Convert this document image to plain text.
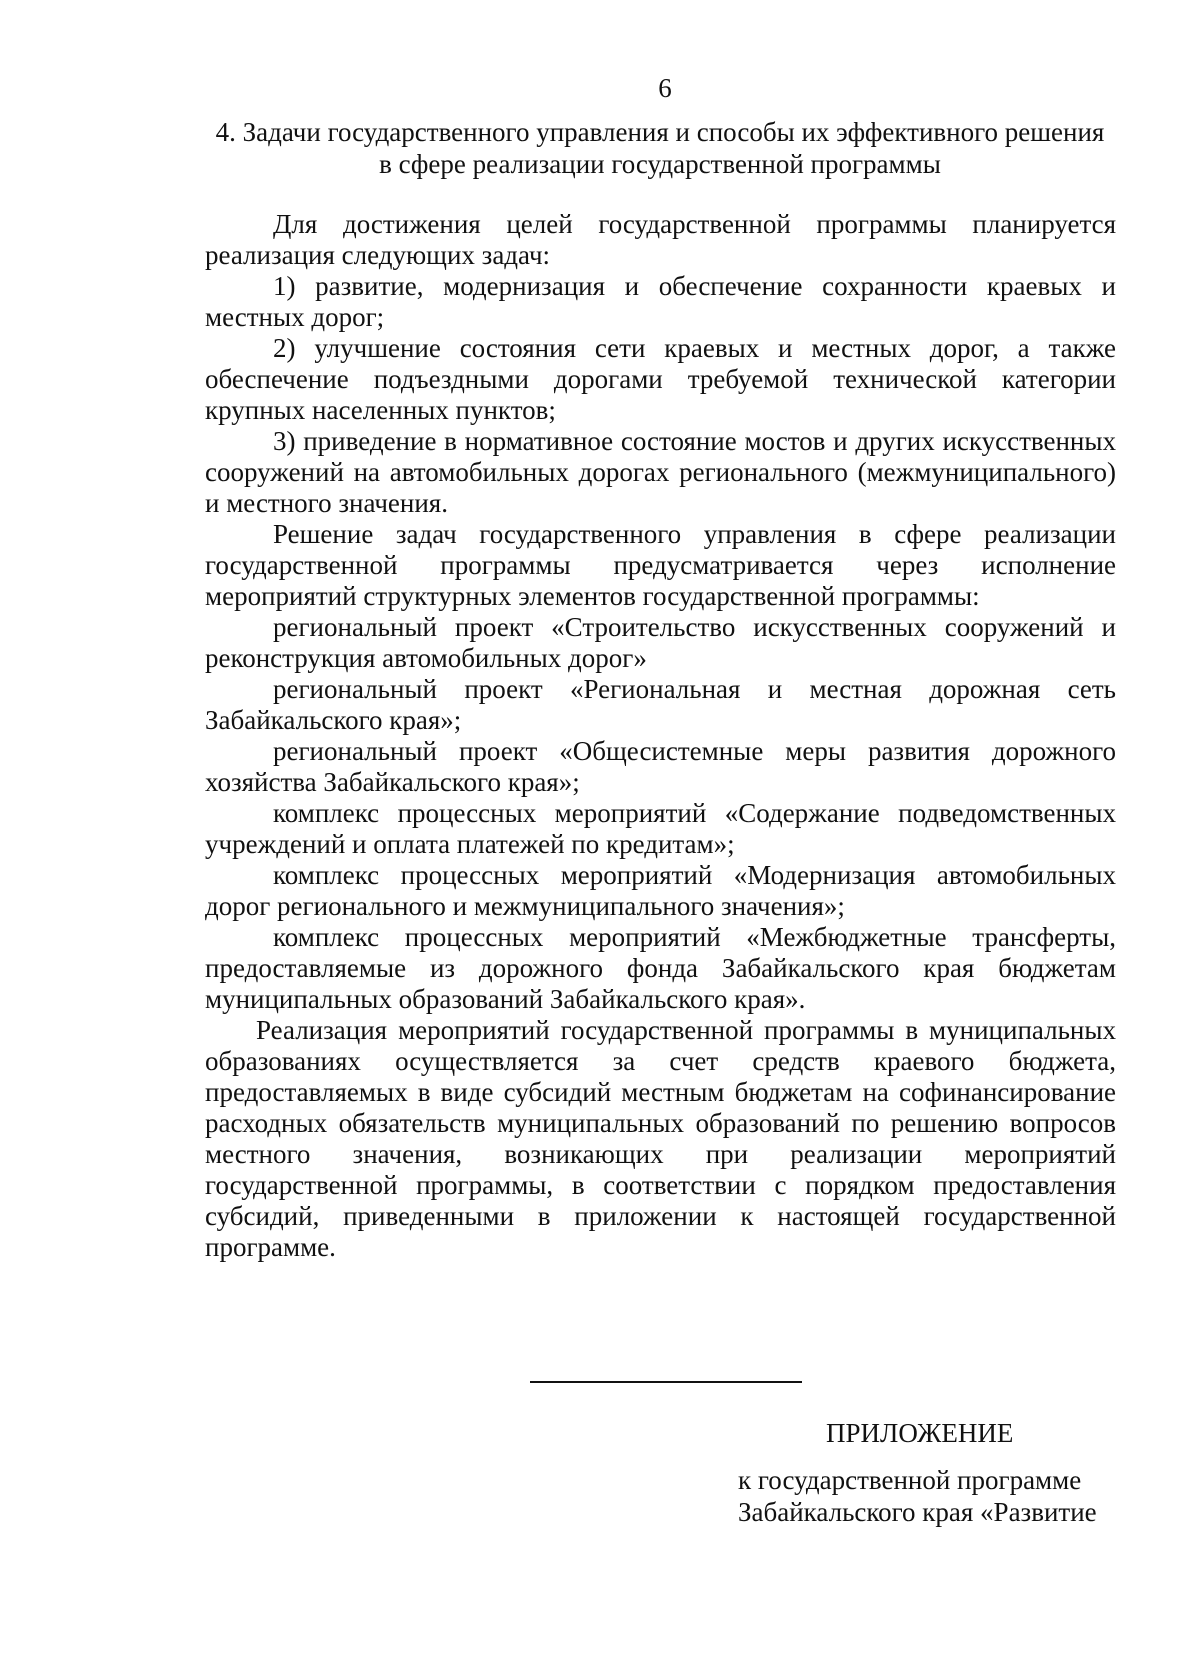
6
4. Задачи государственного управления и способы их эффективного решения
в сфере реализации государственной программы

Для достижения целей государственной программы планируется реализация следующих задач:

1) развитие, модернизация и обеспечение сохранности краевых и местных дорог;

2) улучшение состояния сети краевых и местных дорог, а также обеспечение подъездными дорогами требуемой технической категории крупных населенных пунктов;

3) приведение в нормативное состояние мостов и других искусственных сооружений на автомобильных дорогах регионального (межмуниципального) и местного значения.

Решение задач государственного управления в сфере реализации государственной программы предусматривается через исполнение мероприятий структурных элементов государственной программы:

региональный проект «Строительство искусственных сооружений и реконструкция автомобильных дорог»

региональный проект «Региональная и местная дорожная сеть Забайкальского края»;

региональный проект «Общесистемные меры развития дорожного хозяйства Забайкальского края»;

комплекс процессных мероприятий «Содержание подведомственных учреждений и оплата платежей по кредитам»;

комплекс процессных мероприятий «Модернизация автомобильных дорог регионального и межмуниципального значения»;

комплекс процессных мероприятий «Межбюджетные трансферты, предоставляемые из дорожного фонда Забайкальского края бюджетам муниципальных образований Забайкальского края».

Реализация мероприятий государственной программы в муниципальных образованиях осуществляется за счет средств краевого бюджета, предоставляемых в виде субсидий местным бюджетам на софинансирование расходных обязательств муниципальных образований по решению вопросов местного значения, возникающих при реализации мероприятий государственной программы, в соответствии с порядком предоставления субсидий, приведенными в приложении к настоящей государственной программе.

ПРИЛОЖЕНИЕ
к государственной программе
Забайкальского края «Развитие
